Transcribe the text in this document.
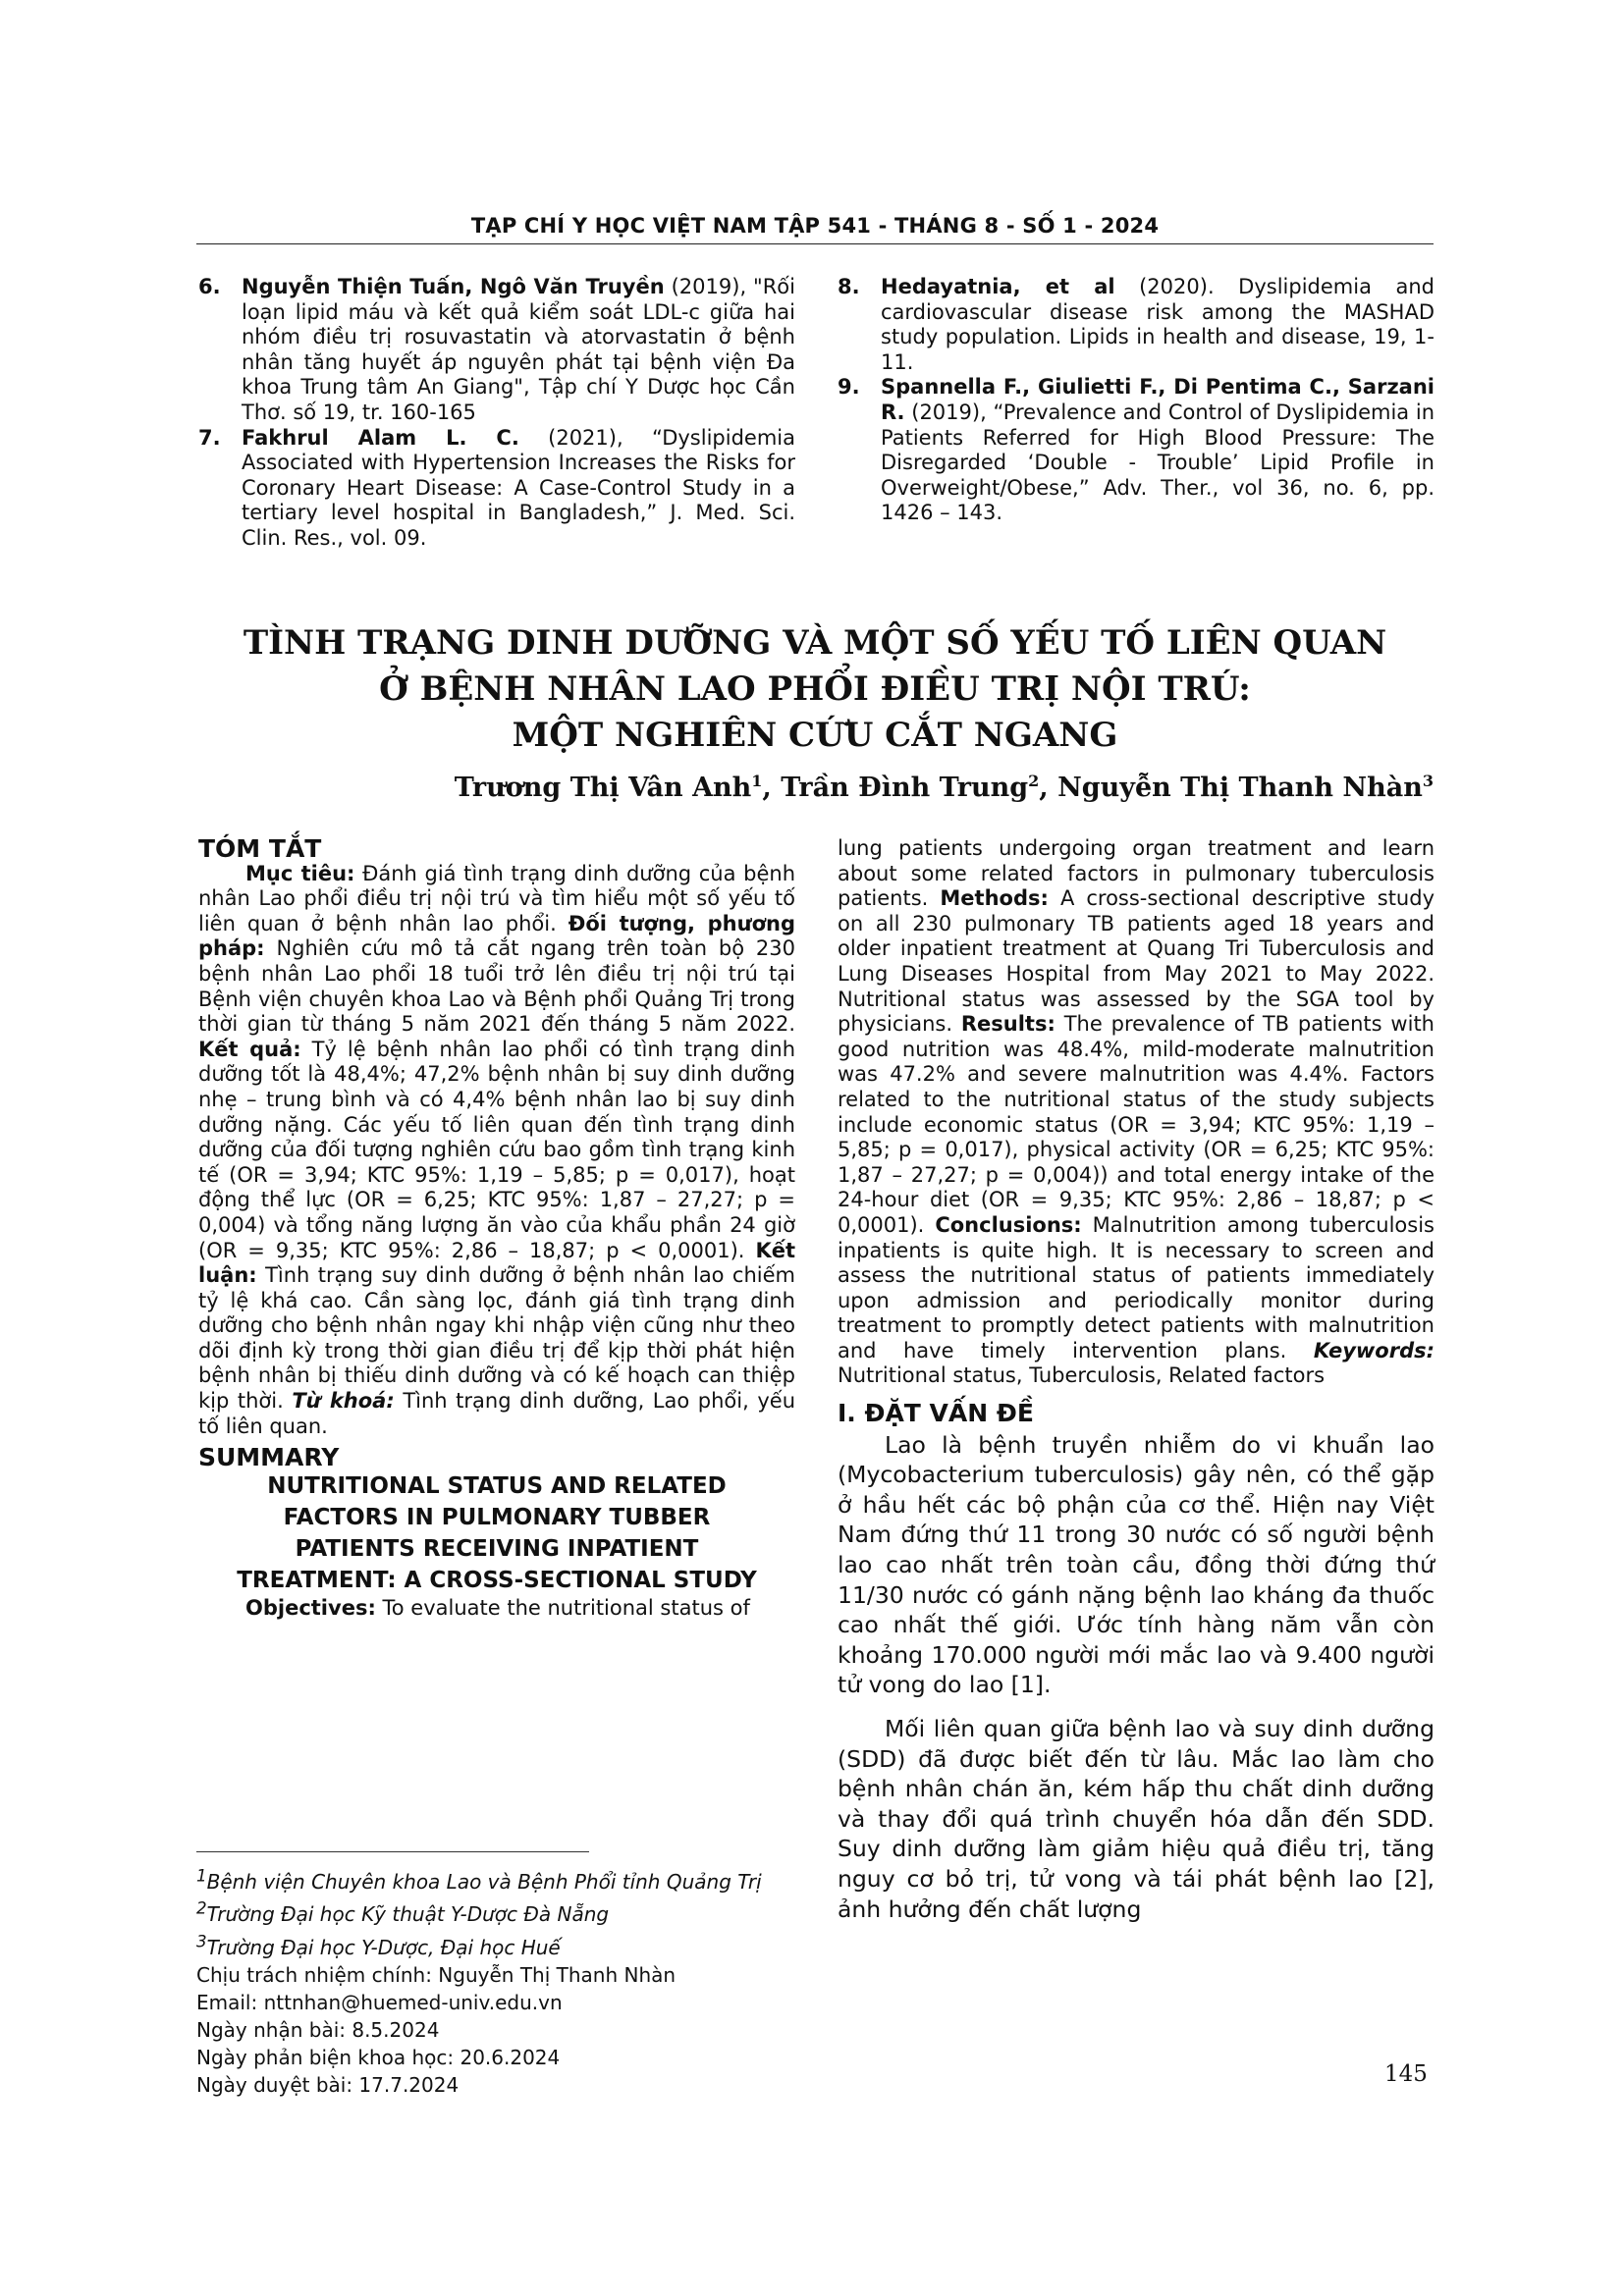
TẠP CHÍ Y HỌC VIỆT NAM TẬP 541 - THÁNG 8 - SỐ 1 - 2024

6. Nguyễn Thiện Tuấn, Ngô Văn Truyền (2019), "Rối loạn lipid máu và kết quả kiểm soát LDL-c giữa hai nhóm điều trị rosuvastatin và atorvastatin ở bệnh nhân tăng huyết áp nguyên phát tại bệnh viện Đa khoa Trung tâm An Giang", Tập chí Y Dược học Cần Thơ. số 19, tr. 160-165

7. Fakhrul Alam L. C. (2021), “Dyslipidemia Associated with Hypertension Increases the Risks for Coronary Heart Disease: A Case-Control Study in a tertiary level hospital in Bangladesh,” J. Med. Sci. Clin. Res., vol. 09.

8. Hedayatnia, et al (2020). Dyslipidemia and cardiovascular disease risk among the MASHAD study population. Lipids in health and disease, 19, 1-11.

9. Spannella F., Giulietti F., Di Pentima C., Sarzani R. (2019), “Prevalence and Control of Dyslipidemia in Patients Referred for High Blood Pressure: The Disregarded ‘Double - Trouble’ Lipid Profile in Overweight/Obese,” Adv. Ther., vol 36, no. 6, pp. 1426 – 143.

TÌNH TRẠNG DINH DƯỠNG VÀ MỘT SỐ YẾU TỐ LIÊN QUAN
Ở BỆNH NHÂN LAO PHỔI ĐIỀU TRỊ NỘI TRÚ:
MỘT NGHIÊN CỨU CẮT NGANG
Trương Thị Vân Anh$^1$, Trần Đình Trung$^2$, Nguyễn Thị Thanh Nhàn$^3$

TÓM TẮT

Mục tiêu: Đánh giá tình trạng dinh dưỡng của bệnh nhân Lao phổi điều trị nội trú và tìm hiểu một số yếu tố liên quan ở bệnh nhân lao phổi. Đối tượng, phương pháp: Nghiên cứu mô tả cắt ngang trên toàn bộ 230 bệnh nhân Lao phổi 18 tuổi trở lên điều trị nội trú tại Bệnh viện chuyên khoa Lao và Bệnh phổi Quảng Trị trong thời gian từ tháng 5 năm 2021 đến tháng 5 năm 2022. Kết quả: Tỷ lệ bệnh nhân lao phổi có tình trạng dinh dưỡng tốt là 48,4%; 47,2% bệnh nhân bị suy dinh dưỡng nhẹ – trung bình và có 4,4% bệnh nhân lao bị suy dinh dưỡng nặng. Các yếu tố liên quan đến tình trạng dinh dưỡng của đối tượng nghiên cứu bao gồm tình trạng kinh tế (OR = 3,94; KTC 95%: 1,19 – 5,85; p = 0,017), hoạt động thể lực (OR = 6,25; KTC 95%: 1,87 – 27,27; p = 0,004) và tổng năng lượng ăn vào của khẩu phần 24 giờ (OR = 9,35; KTC 95%: 2,86 – 18,87; p < 0,0001). Kết luận: Tình trạng suy dinh dưỡng ở bệnh nhân lao chiếm tỷ lệ khá cao. Cần sàng lọc, đánh giá tình trạng dinh dưỡng cho bệnh nhân ngay khi nhập viện cũng như theo dõi định kỳ trong thời gian điều trị để kịp thời phát hiện bệnh nhân bị thiếu dinh dưỡng và có kế hoạch can thiệp kịp thời. Từ khoá: Tình trạng dinh dưỡng, Lao phổi, yếu tố liên quan.

SUMMARY

NUTRITIONAL STATUS AND RELATED
FACTORS IN PULMONARY TUBBER
PATIENTS RECEIVING INPATIENT
TREATMENT: A CROSS-SECTIONAL STUDY

Objectives: To evaluate the nutritional status of

lung patients undergoing organ treatment and learn about some related factors in pulmonary tuberculosis patients. Methods: A cross-sectional descriptive study on all 230 pulmonary TB patients aged 18 years and older inpatient treatment at Quang Tri Tuberculosis and Lung Diseases Hospital from May 2021 to May 2022. Nutritional status was assessed by the SGA tool by physicians. Results: The prevalence of TB patients with good nutrition was 48.4%, mild-moderate malnutrition was 47.2% and severe malnutrition was 4.4%. Factors related to the nutritional status of the study subjects include economic status (OR = 3,94; KTC 95%: 1,19 – 5,85; p = 0,017), physical activity (OR = 6,25; KTC 95%: 1,87 – 27,27; p = 0,004)) and total energy intake of the 24-hour diet (OR = 9,35; KTC 95%: 2,86 – 18,87; p < 0,0001). Conclusions: Malnutrition among tuberculosis inpatients is quite high. It is necessary to screen and assess the nutritional status of patients immediately upon admission and periodically monitor during treatment to promptly detect patients with malnutrition and have timely intervention plans. Keywords: Nutritional status, Tuberculosis, Related factors

I. ĐẶT VẤN ĐỀ

Lao là bệnh truyền nhiễm do vi khuẩn lao (Mycobacterium tuberculosis) gây nên, có thể gặp ở hầu hết các bộ phận của cơ thể. Hiện nay Việt Nam đứng thứ 11 trong 30 nước có số người bệnh lao cao nhất trên toàn cầu, đồng thời đứng thứ 11/30 nước có gánh nặng bệnh lao kháng đa thuốc cao nhất thế giới. Ước tính hàng năm vẫn còn khoảng 170.000 người mới mắc lao và 9.400 người tử vong do lao [1].

Mối liên quan giữa bệnh lao và suy dinh dưỡng (SDD) đã được biết đến từ lâu. Mắc lao làm cho bệnh nhân chán ăn, kém hấp thu chất dinh dưỡng và thay đổi quá trình chuyển hóa dẫn đến SDD. Suy dinh dưỡng làm giảm hiệu quả điều trị, tăng nguy cơ bỏ trị, tử vong và tái phát bệnh lao [2], ảnh hưởng đến chất lượng

$^1$Bệnh viện Chuyên khoa Lao và Bệnh Phổi tỉnh Quảng Trị

$^2$Trường Đại học Kỹ thuật Y-Dược Đà Nẵng

$^3$Trường Đại học Y-Dược, Đại học Huế

Chịu trách nhiệm chính: Nguyễn Thị Thanh Nhàn

Email: nttnhan@huemed-univ.edu.vn

Ngày nhận bài: 8.5.2024

Ngày phản biện khoa học: 20.6.2024

Ngày duyệt bài: 17.7.2024	145
